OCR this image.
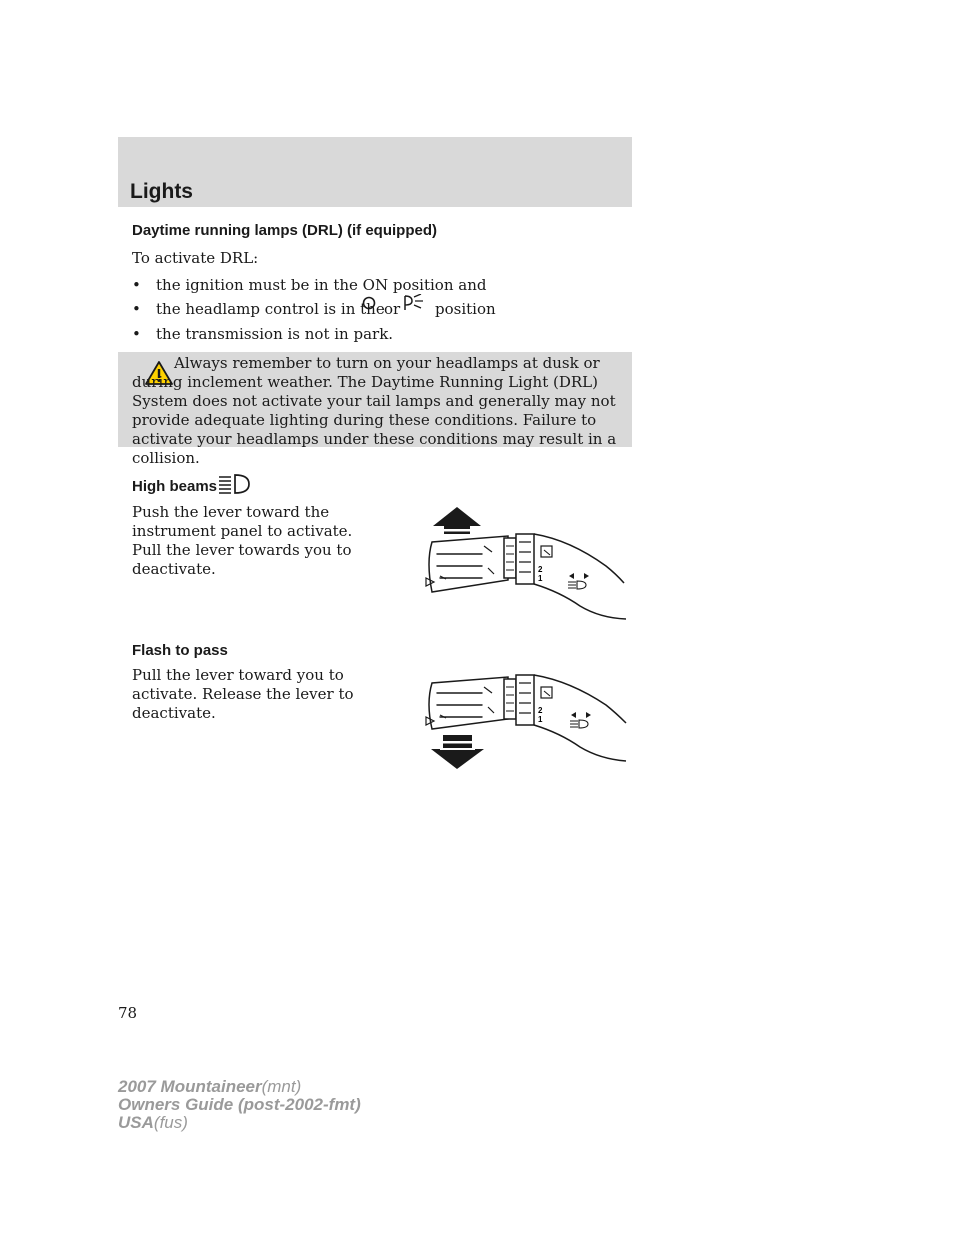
Lights
Daytime running lamps (DRL) (if equipped)
To activate DRL:
• the ignition must be in the ON position and
• the headlamp control is in the or position
• the transmission is not in park.
Always remember to turn on your headlamps at dusk or during inclement weather. The Daytime Running Light (DRL) System does not activate your tail lamps and generally may not provide adequate lighting during these conditions. Failure to activate your headlamps under these conditions may result in a collision.
High beams
Push the lever toward the instrument panel to activate. Pull the lever towards you to deactivate.	2
1
Flash to pass
Pull the lever toward you to activate. Release the lever to deactivate.	2
1
78
2007 Mountaineer(mnt)
Owners Guide (post-2002-fmt)
USA(fus)
